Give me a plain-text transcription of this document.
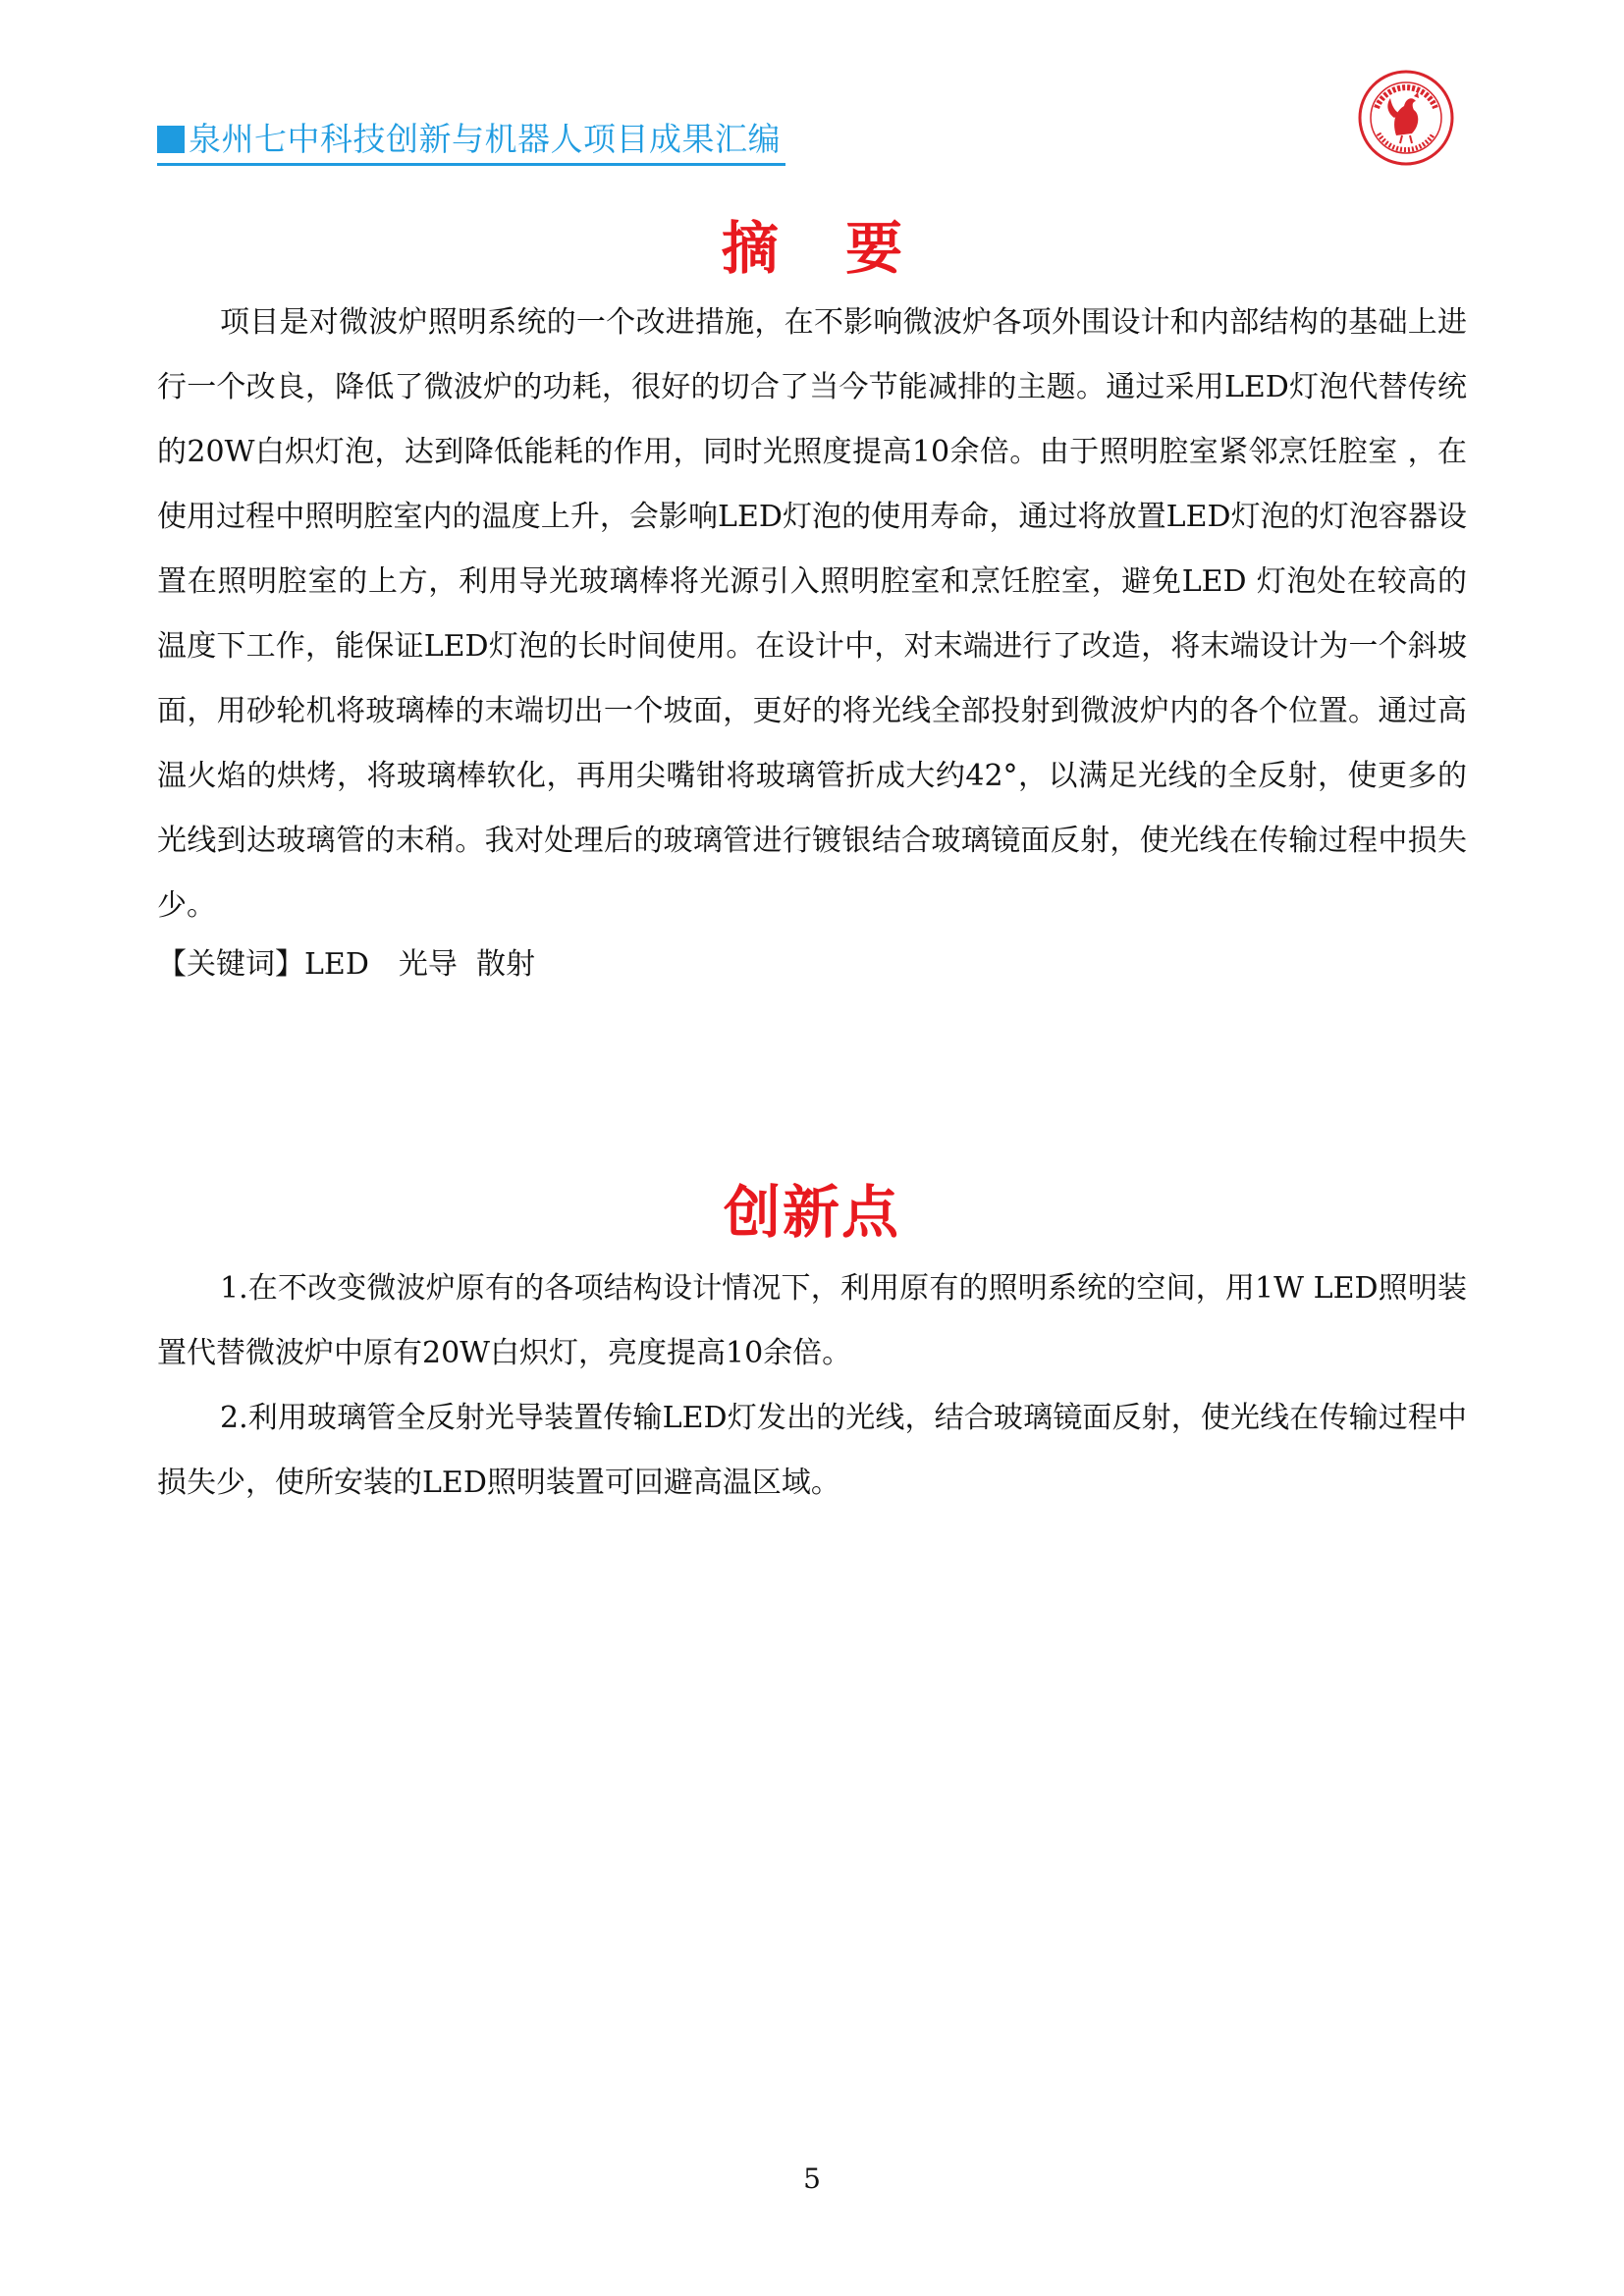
泉州七中科技创新与机器人项目成果汇编
摘 要

项目是对微波炉照明系统的一个改进措施，在不影响微波炉各项外围设计和内部结构的基础上进行一个改良，降低了微波炉的功耗，很好的切合了当今节能减排的主题。通过采用LED灯泡代替传统的20W白炽灯泡，达到降低能耗的作用，同时光照度提高10余倍。由于照明腔室紧邻烹饪腔室 ，在使用过程中照明腔室内的温度上升，会影响LED灯泡的使用寿命，通过将放置LED灯泡的灯泡容器设置在照明腔室的上方，利用导光玻璃棒将光源引入照明腔室和烹饪腔室，避免LED 灯泡处在较高的温度下工作，能保证LED灯泡的长时间使用。在设计中，对末端进行了改造，将末端设计为一个斜坡面，用砂轮机将玻璃棒的末端切出一个坡面，更好的将光线全部投射到微波炉内的各个位置。通过高温火焰的烘烤，将玻璃棒软化，再用尖嘴钳将玻璃管折成大约42°，以满足光线的全反射，使更多的光线到达玻璃管的末稍。我对处理后的玻璃管进行镀银结合玻璃镜面反射，使光线在传输过程中损失少。

【关键词】LED　光导  散射
创新点

1.在不改变微波炉原有的各项结构设计情况下，利用原有的照明系统的空间，用1W LED照明装置代替微波炉中原有20W白炽灯，亮度提高10余倍。

2.利用玻璃管全反射光导装置传输LED灯发出的光线，结合玻璃镜面反射，使光线在传输过程中损失少，使所安装的LED照明装置可回避高温区域。

5
